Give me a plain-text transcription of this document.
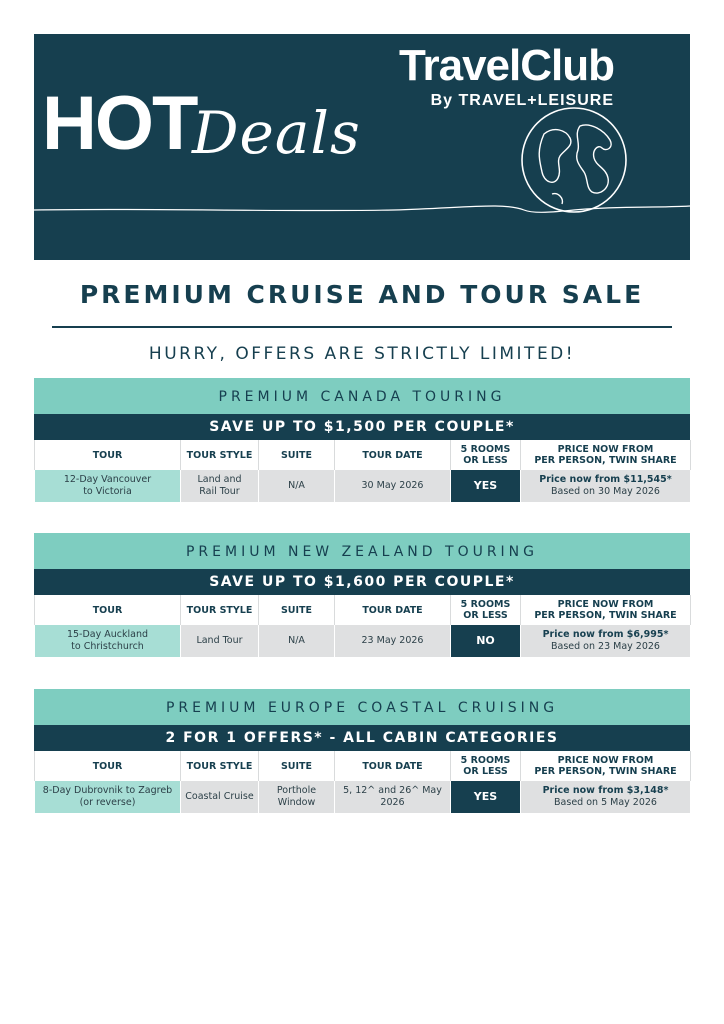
HOT
Deals
TravelClub
By TRAVEL+LEISURE
PREMIUM CRUISE AND TOUR SALE
HURRY, OFFERS ARE STRICTLY LIMITED!
PREMIUM CANADA TOURING
SAVE UP TO $1,500 PER COUPLE*
TOUR	TOUR STYLE	SUITE	TOUR DATE	5 ROOMS
OR LESS	PRICE NOW FROM
PER PERSON, TWIN SHARE
12-Day Vancouver
to Victoria	Land and
Rail Tour	N/A	30 May 2026	YES	Price now from $11,545*
Based on 30 May 2026
PREMIUM NEW ZEALAND TOURING
SAVE UP TO $1,600 PER COUPLE*
TOUR	TOUR STYLE	SUITE	TOUR DATE	5 ROOMS
OR LESS	PRICE NOW FROM
PER PERSON, TWIN SHARE
15-Day Auckland
to Christchurch	Land Tour	N/A	23 May 2026	NO	Price now from $6,995*
Based on 23 May 2026
PREMIUM EUROPE COASTAL CRUISING
2 FOR 1 OFFERS* - ALL CABIN CATEGORIES
TOUR	TOUR STYLE	SUITE	TOUR DATE	5 ROOMS
OR LESS	PRICE NOW FROM
PER PERSON, TWIN SHARE
8-Day Dubrovnik to Zagreb
(or reverse)	Coastal Cruise	Porthole
Window	5, 12^ and 26^ May
2026	YES	Price now from $3,148*
Based on 5 May 2026
